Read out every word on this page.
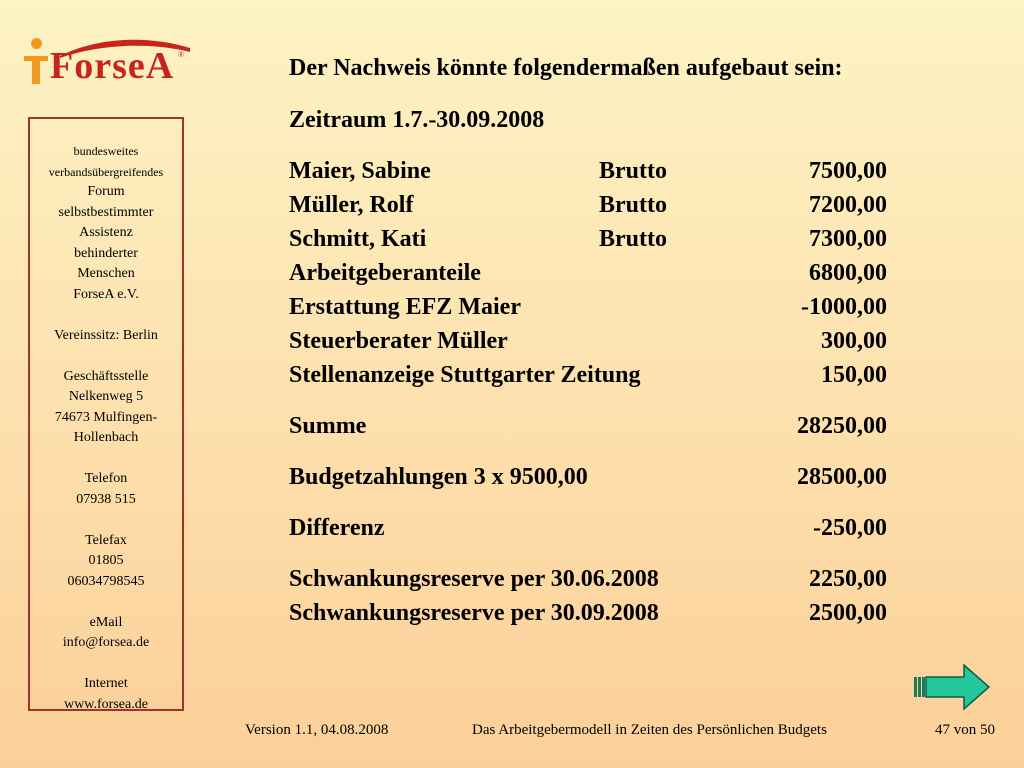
ForseA ®
bundesweites
verbandsübergreifendes
Forum
selbstbestimmter
Assistenz
behinderter
Menschen
ForseA e.V.
Vereinssitz: Berlin
Geschäftsstelle
Nelkenweg 5
74673 Mulfingen-
Hollenbach
Telefon
07938 515
Telefax
01805
06034798545
eMail
info@forsea.de
Internet
www.forsea.de
Der Nachweis könnte folgendermaßen aufgebaut sein:
Zeitraum 1.7.-30.09.2008
Maier, Sabine	Brutto	7500,00
Müller, Rolf	Brutto	7200,00
Schmitt, Kati	Brutto	7300,00
Arbeitgeberanteile	6800,00
Erstattung EFZ Maier	-1000,00
Steuerberater Müller	300,00
Stellenanzeige Stuttgarter Zeitung	150,00
Summe	28250,00
Budgetzahlungen 3 x 9500,00	28500,00
Differenz	-250,00
Schwankungsreserve per 30.06.2008	2250,00
Schwankungsreserve per 30.09.2008	2500,00
Version 1.1, 04.08.2008	Das Arbeitgebermodell in Zeiten des Persönlichen Budgets	47 von 50
